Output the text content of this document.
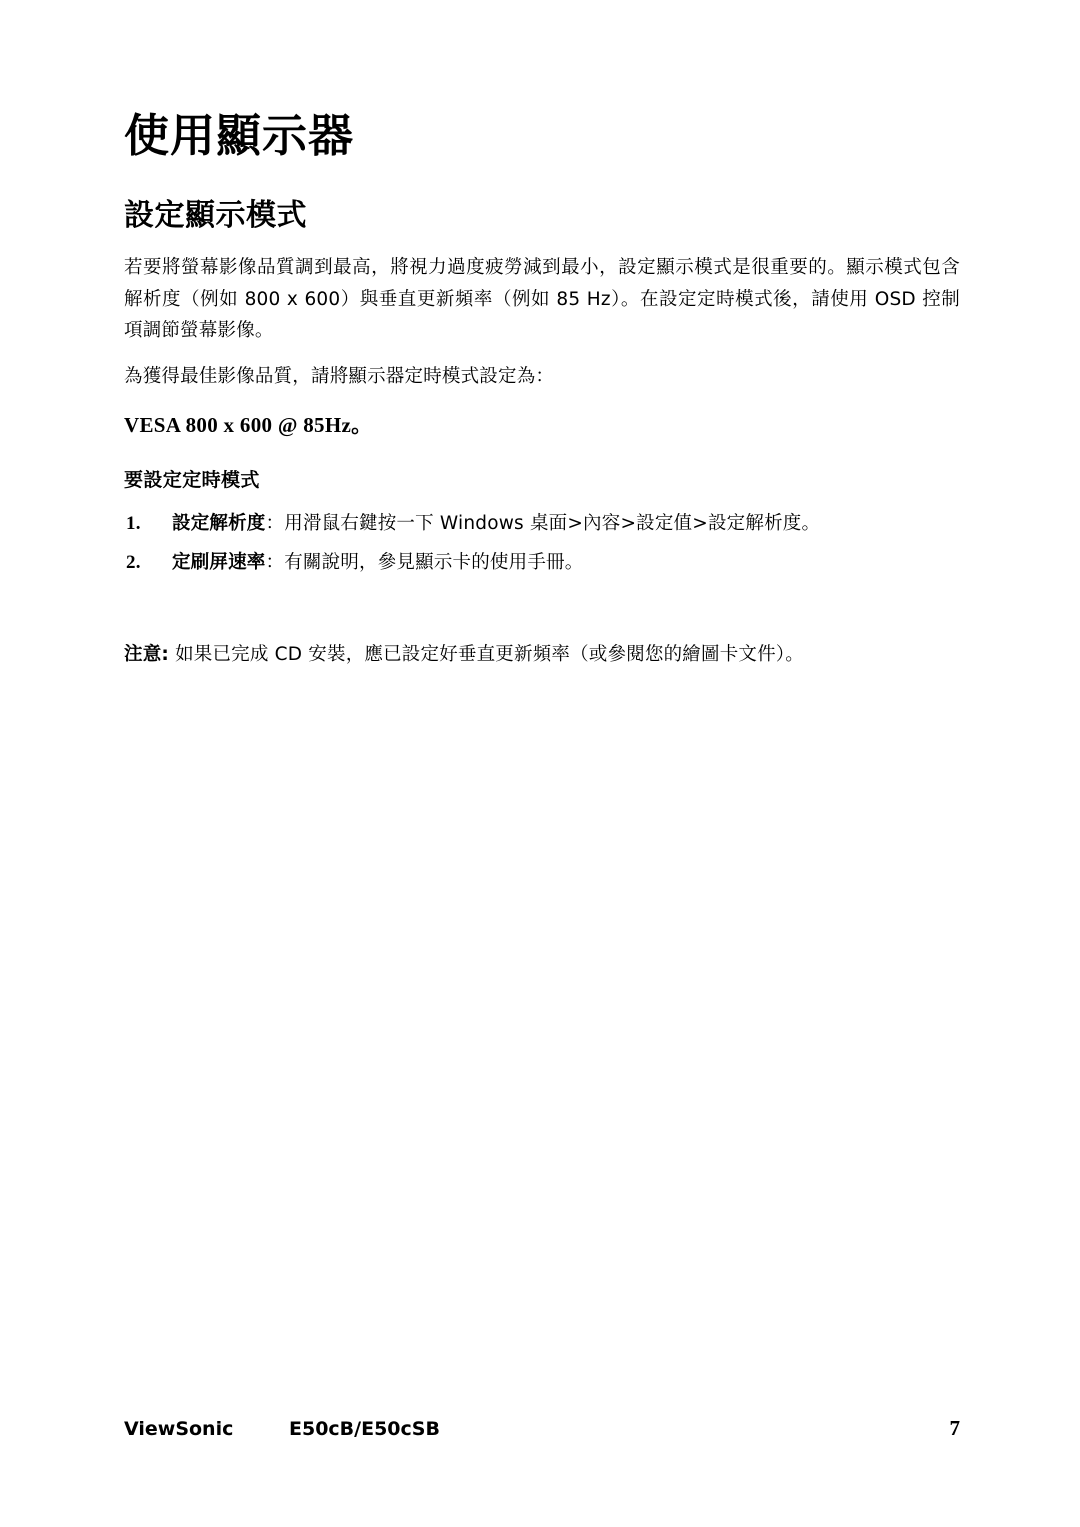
使用顯示器
設定顯示模式

若要將螢幕影像品質調到最高，將視力過度疲勞減到最小，設定顯示模式是很重要的。顯示模式包含解析度（例如 800 x 600）與垂直更新頻率（例如 85 Hz）。在設定定時模式後，請使用 OSD 控制項調節螢幕影像。

為獲得最佳影像品質，請將顯示器定時模式設定為：

VESA 800 x 600 @ 85Hz。

要設定定時模式
1. 設定解析度：用滑鼠右鍵按一下 Windows 桌面>內容>設定值>設定解析度。
2. 定刷屏速率：有關說明，參見顯示卡的使用手冊。

注意: 如果已完成 CD 安裝，應已設定好垂直更新頻率（或參閱您的繪圖卡文件）。

ViewSonic	E50cB/E50cSB	7
